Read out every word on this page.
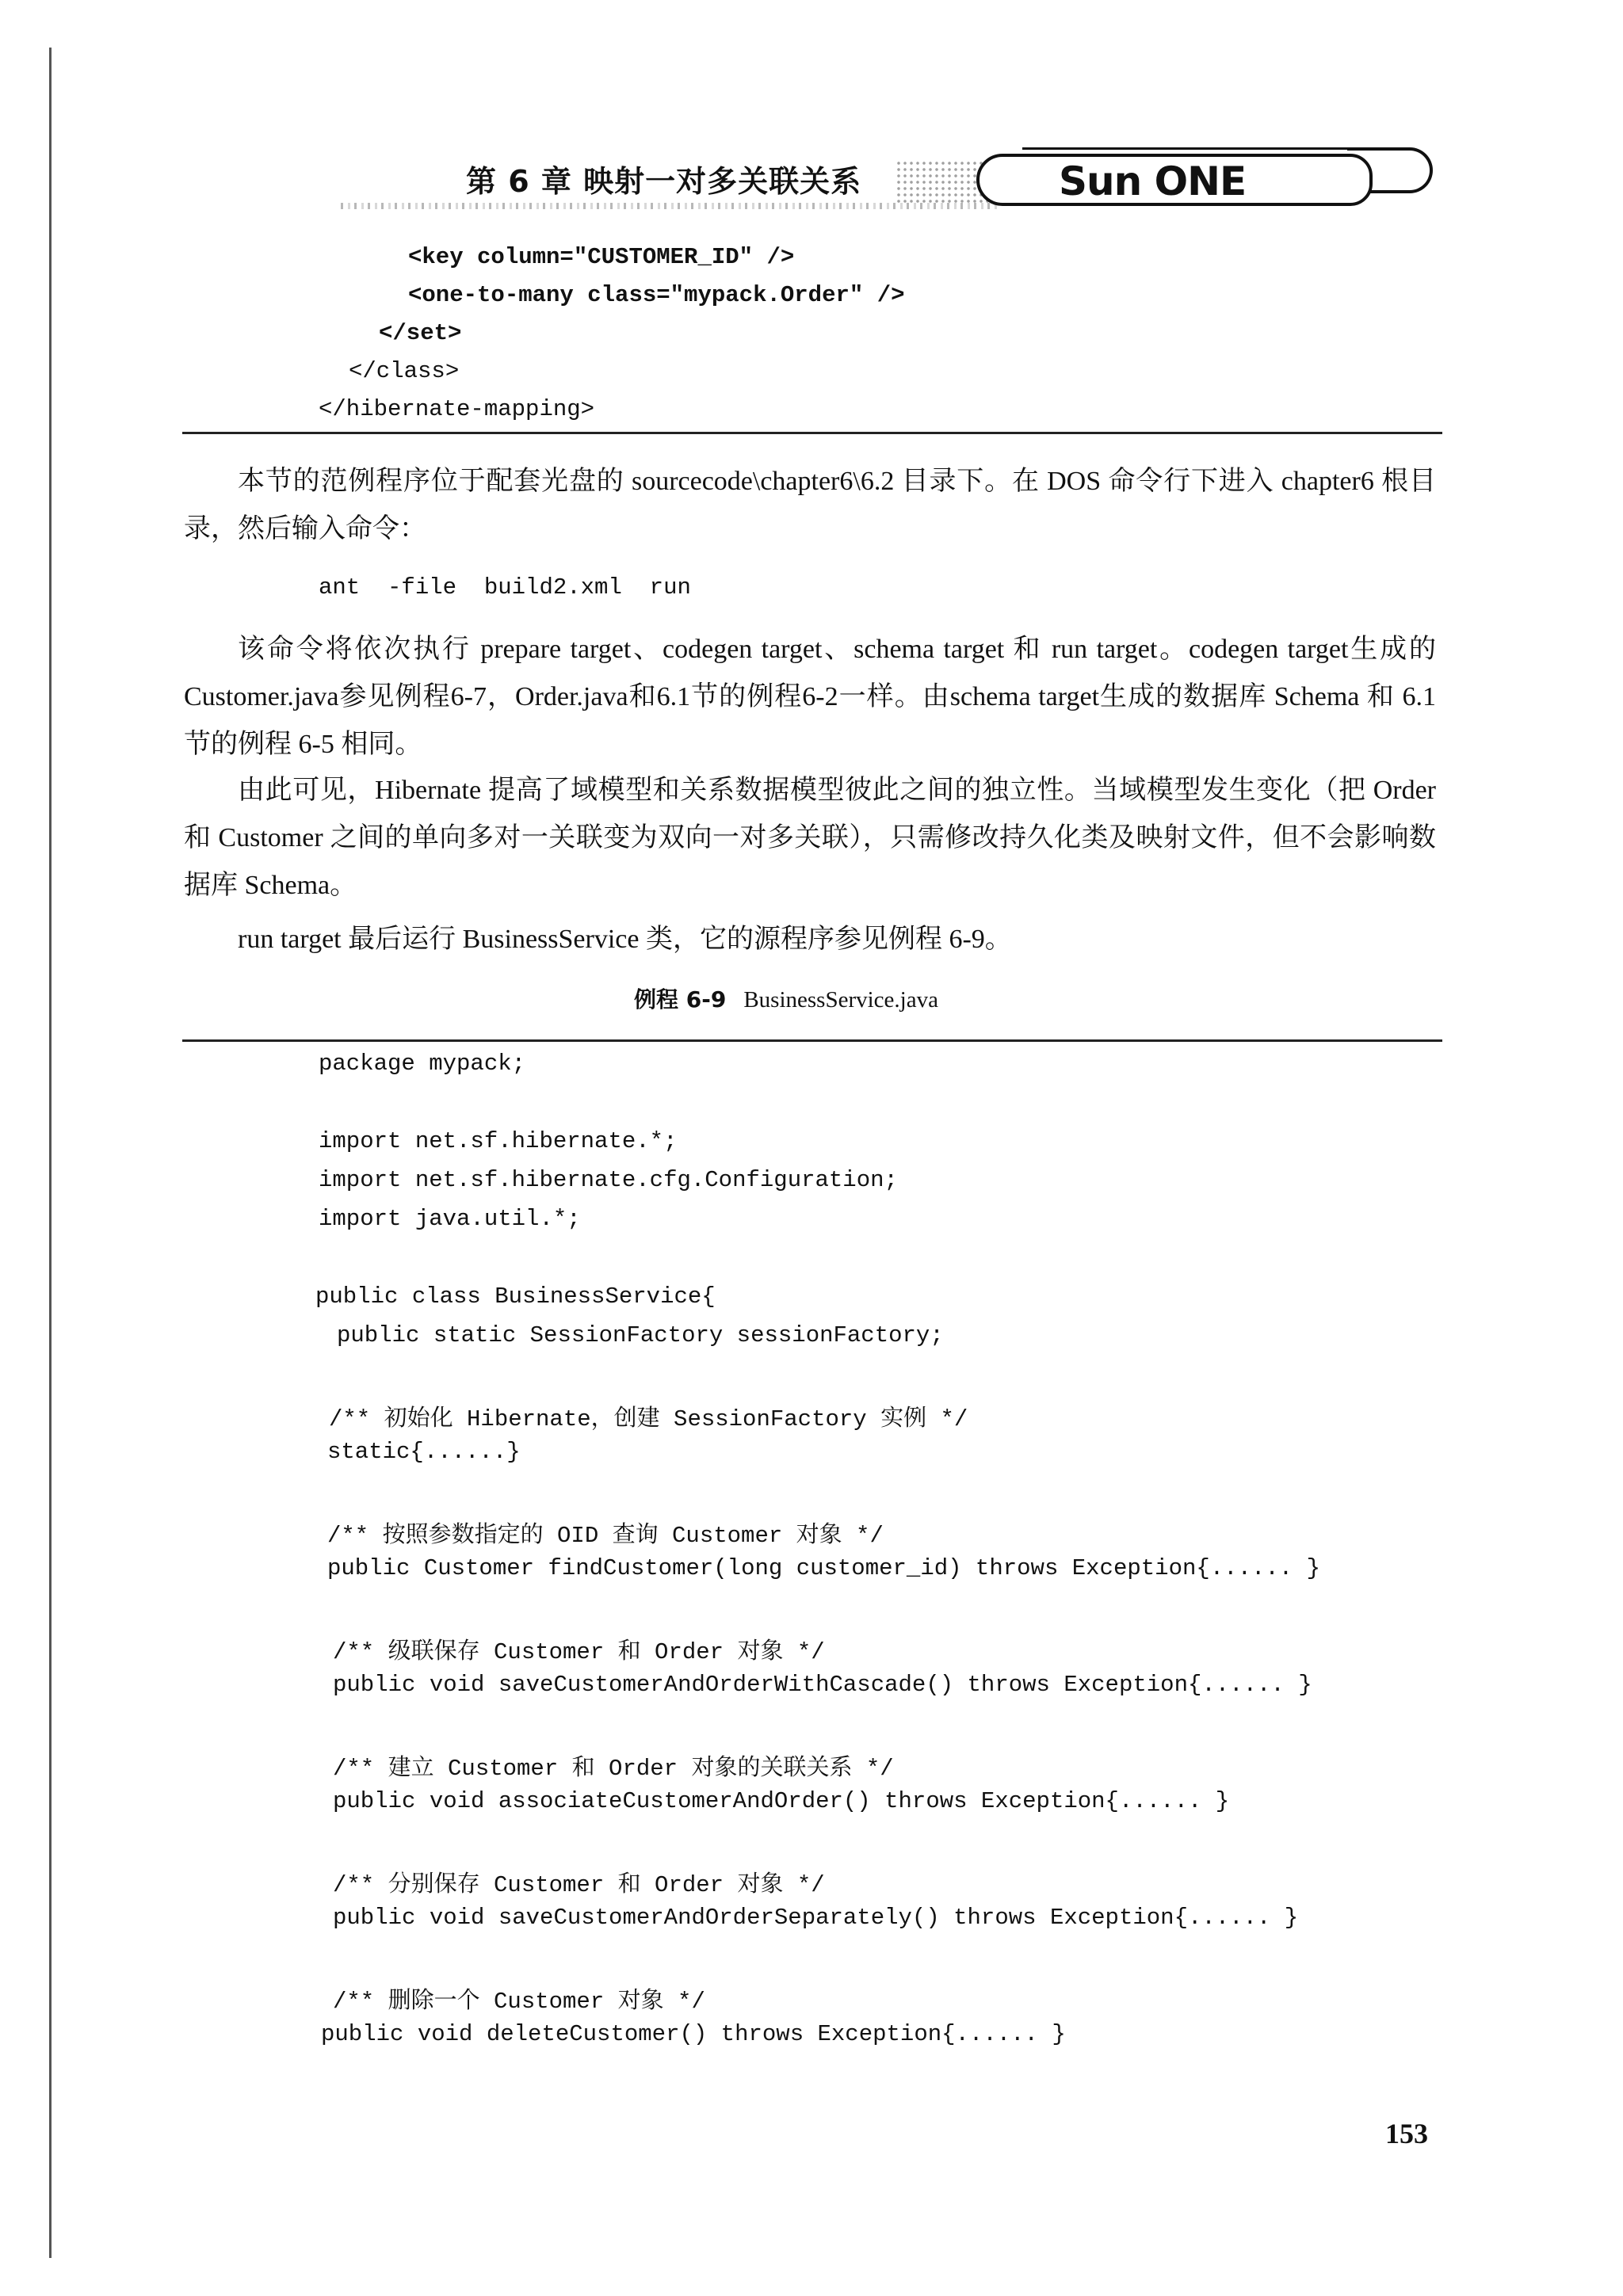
第 6 章 映射一对多关联关系	Sun ONE
<key column="CUSTOMER_ID" />
<one-to-many class="mypack.Order" />
</set>
</class>
</hibernate-mapping>
本节的范例程序位于配套光盘的 sourcecode\chapter6\6.2 目录下。在 DOS 命令行下进入 chapter6 根目录，然后输入命令：
ant  -file  build2.xml  run
该命令将依次执行 prepare target、codegen target、schema target 和 run target。codegen target生成的Customer.java参见例程6-7，Order.java和6.1节的例程6-2一样。由schema target生成的数据库 Schema 和 6.1 节的例程 6-5 相同。
由此可见，Hibernate 提高了域模型和关系数据模型彼此之间的独立性。当域模型发生变化（把 Order 和 Customer 之间的单向多对一关联变为双向一对多关联），只需修改持久化类及映射文件，但不会影响数据库 Schema。
run target 最后运行 BusinessService 类，它的源程序参见例程 6-9。
例程 6-9 BusinessService.java
package mypack;
import net.sf.hibernate.*;
import net.sf.hibernate.cfg.Configuration;
import java.util.*;
public class BusinessService{
public static SessionFactory sessionFactory;
/** 初始化 Hibernate，创建 SessionFactory 实例 */
static{......}
/** 按照参数指定的 OID 查询 Customer 对象 */
public Customer findCustomer(long customer_id) throws Exception{...... }
/** 级联保存 Customer 和 Order 对象 */
public void saveCustomerAndOrderWithCascade() throws Exception{...... }
/** 建立 Customer 和 Order 对象的关联关系 */
public void associateCustomerAndOrder() throws Exception{...... }
/** 分别保存 Customer 和 Order 对象 */
public void saveCustomerAndOrderSeparately() throws Exception{...... }
/** 删除一个 Customer 对象 */
public void deleteCustomer() throws Exception{...... }
153
